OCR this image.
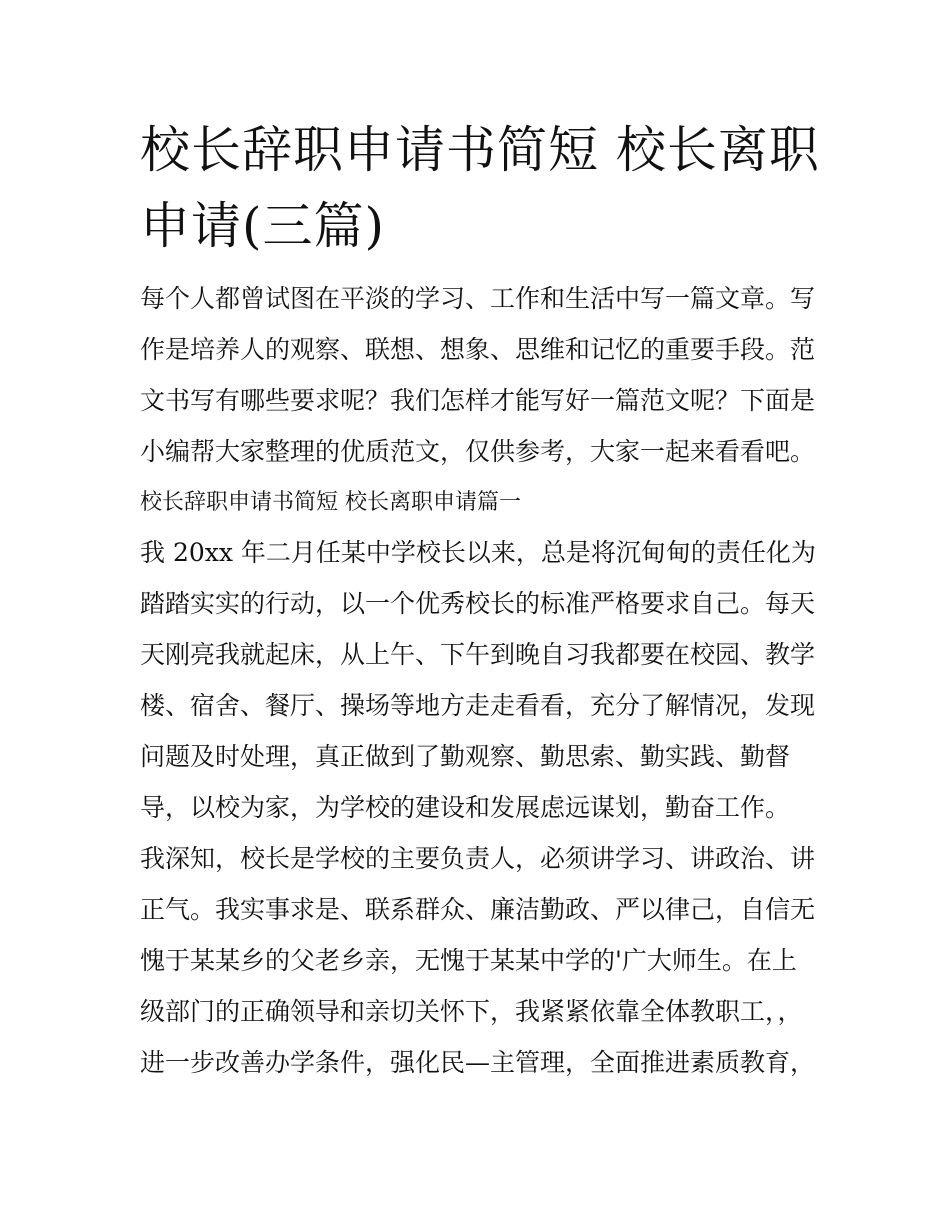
校长辞职申请书简短 校长离职
申请(三篇)

每个人都曾试图在平淡的学习、工作和生活中写一篇文章。写

作是培养人的观察、联想、想象、思维和记忆的重要手段。范

文书写有哪些要求呢？我们怎样才能写好一篇范文呢？下面是

小编帮大家整理的优质范文，仅供参考，大家一起来看看吧。

校长辞职申请书简短 校长离职申请篇一

我 20xx 年二月任某中学校长以来，总是将沉甸甸的责任化为

踏踏实实的行动，以一个优秀校长的标准严格要求自己。每天

天刚亮我就起床，从上午、下午到晚自习我都要在校园、教学

楼、宿舍、餐厅、操场等地方走走看看，充分了解情况，发现

问题及时处理，真正做到了勤观察、勤思索、勤实践、勤督

导，以校为家，为学校的建设和发展虑远谋划，勤奋工作。

我深知，校长是学校的主要负责人，必须讲学习、讲政治、讲

正气。我实事求是、联系群众、廉洁勤政、严以律己，自信无

愧于某某乡的父老乡亲，无愧于某某中学的'广大师生。在上

级部门的正确领导和亲切关怀下，我紧紧依靠全体教职工，，

进一步改善办学条件，强化民—主管理，全面推进素质教育，
